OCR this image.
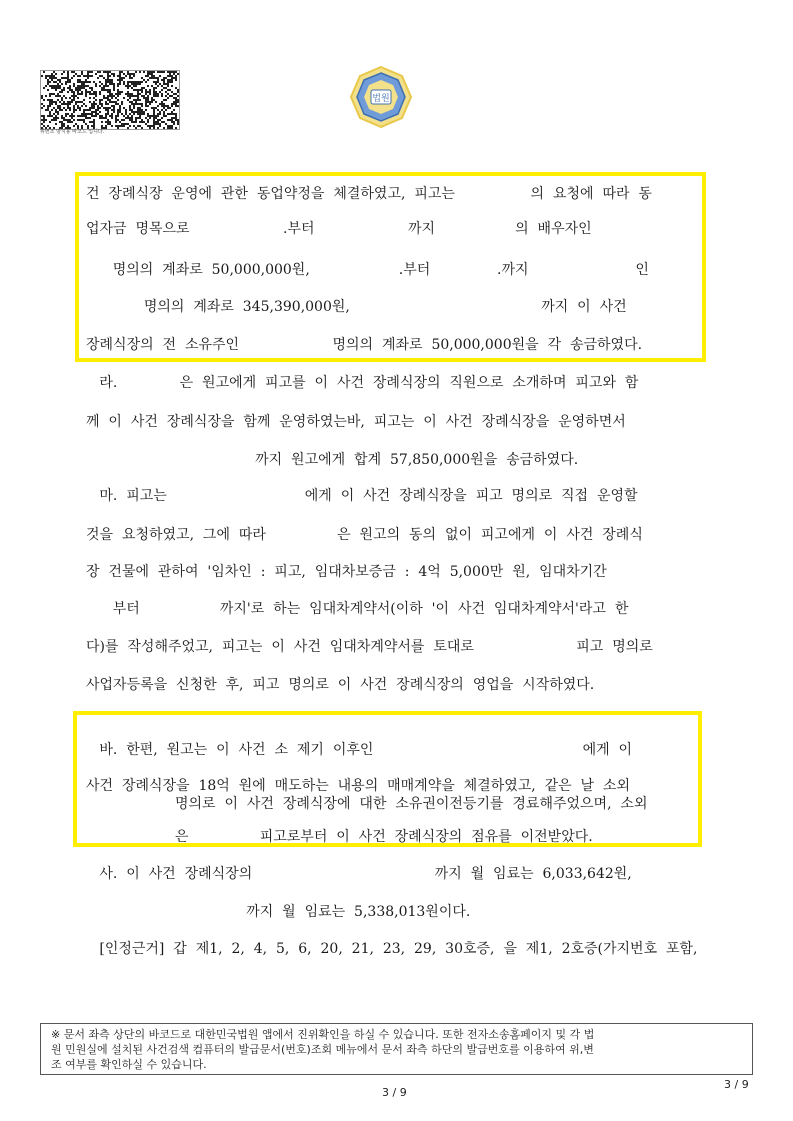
위변조 방지용 바코드 입니다.
법원
건  장례식장  운영에  관한  동업약정을  체결하였고,  피고는                 의  요청에  따라  동
업자금  명목으로                     .부터                     까지                  의  배우자인
명의의  계좌로  50,000,000원,                    .부터               .까지                        인
명의의  계좌로  345,390,000원,                                           까지  이  사건
장례식장의  전  소유주인                     명의의  계좌로  50,000,000원을  각  송금하였다.
라.              은  원고에게  피고를  이  사건  장례식장의  직원으로  소개하며  피고와  함
께  이  사건  장례식장을  함께  운영하였는바,  피고는  이  사건  장례식장을  운영하면서
까지  원고에게  합계  57,850,000원을  송금하였다.
마.  피고는                               에게  이  사건  장례식장을  피고  명의로  직접  운영할
것을  요청하였고,  그에  따라                은  원고의  동의  없이  피고에게  이  사건  장례식
장  건물에  관하여  '임차인  :  피고,  임대차보증금  :  4억  5,000만  원,  임대차기간
부터                  까지'로  하는  임대차계약서(이하  '이  사건  임대차계약서'라고  한
다)를  작성해주었고,  피고는  이  사건  임대차계약서를  토대로                       피고  명의로
사업자등록을  신청한  후,  피고  명의로  이  사건  장례식장의  영업을  시작하였다.
바.  한편,  원고는  이  사건  소  제기  이후인                                               에게  이
사건  장례식장을  18억  원에  매도하는  내용의  매매계약을  체결하였고,  같은  날  소외
명의로  이  사건  장례식장에  대한  소유권이전등기를  경료해주었으며,  소외
은                피고로부터  이  사건  장례식장의  점유를  이전받았다.
사.  이  사건  장례식장의                                         까지  월  임료는  6,033,642원,
까지  월  임료는  5,338,013원이다.
[인정근거]  갑  제1,  2,  4,  5,  6,  20,  21,  23,  29,  30호증,  을  제1,  2호증(가지번호  포함,
※ 문서 좌측 상단의 바코드로 대한민국법원 앱에서 진위확인을 하실 수 있습니다. 또한 전자소송홈페이지 및 각 법
원 민원실에 설치된 사건검색 컴퓨터의 발급문서(번호)조회 메뉴에서 문서 좌측 하단의 발급번호를 이용하여 위,변
조 여부를 확인하실 수 있습니다.
3 / 9
3 / 9
